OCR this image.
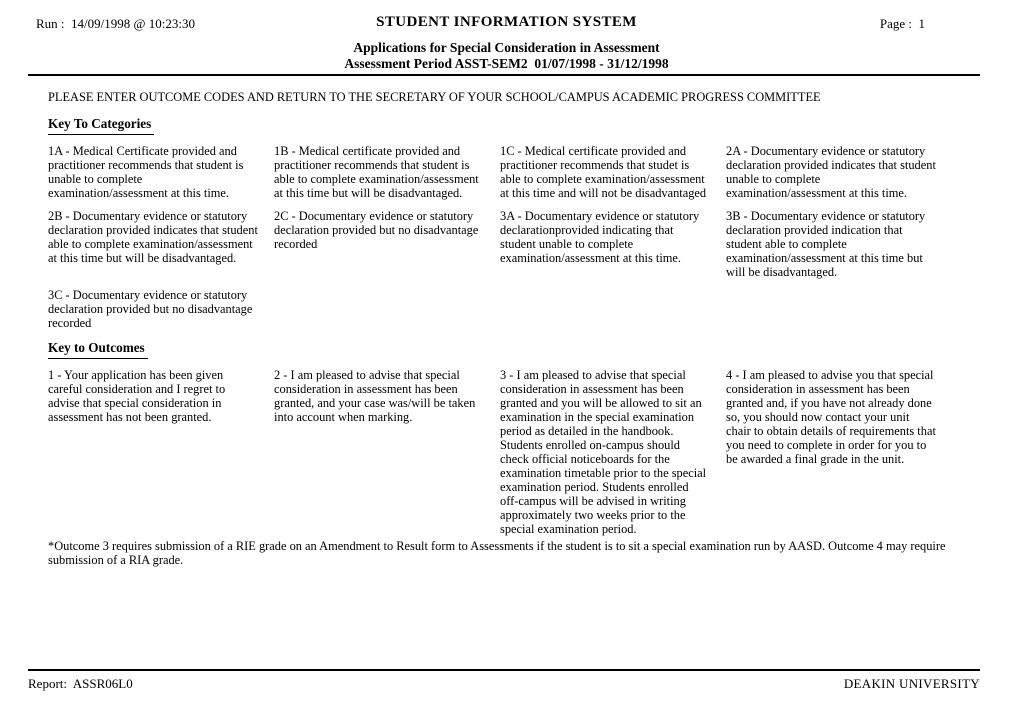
Run :  14/09/1998 @ 10:23:30	STUDENT INFORMATION SYSTEM	Page :  1
Applications for Special Consideration in Assessment
Assessment Period ASST-SEM2  01/07/1998 - 31/12/1998
PLEASE ENTER OUTCOME CODES AND RETURN TO THE SECRETARY OF YOUR SCHOOL/CAMPUS ACADEMIC PROGRESS COMMITTEE
Key To Categories
1A - Medical Certificate provided and practitioner recommends that student is unable to complete examination/assessment at this time.
1B - Medical certificate provided and practitioner recommends that student is able to complete examination/assessment at this time but will be disadvantaged.
1C - Medical certificate provided and practitioner recommends that studet is able to complete examination/assessment at this time and will not be disadvantaged
2A - Documentary evidence or statutory declaration provided indicates that student unable to complete examination/assessment at this time.
2B - Documentary evidence or statutory declaration provided indicates that student able to complete examination/assessment at this time but will be disadvantaged.
2C - Documentary evidence or statutory declaration provided but no disadvantage recorded
3A - Documentary evidence or statutory declarationprovided indicating that student unable to complete examination/assessment at this time.
3B - Documentary evidence or statutory declaration provided indication that student able to complete examination/assessment at this time but will be disadvantaged.
3C - Documentary evidence or statutory declaration provided but no disadvantage recorded
Key to Outcomes
1 - Your application has been given careful consideration and I regret to advise that special consideration in assessment has not been granted.
2 - I am pleased to advise that special consideration in assessment has been granted, and your case was/will be taken into account when marking.
3 - I am pleased to advise that special consideration in assessment has been granted and you will be allowed to sit an examination in the special examination period as detailed in the handbook. Students enrolled on-campus should check official noticeboards for the examination timetable prior to the special examination period. Students enrolled off-campus will be advised in writing approximately two weeks prior to the special examination period.
4 - I am pleased to advise you that special consideration in assessment has been granted and, if you have not already done so, you should now contact your unit chair to obtain details of requirements that you need to complete in order for you to be awarded a final grade in the unit.
*Outcome 3 requires submission of a RIE grade on an Amendment to Result form to Assessments if the student is to sit a special examination run by AASD. Outcome 4 may require submission of a RIA grade.
Report:  ASSR06L0	DEAKIN UNIVERSITY
